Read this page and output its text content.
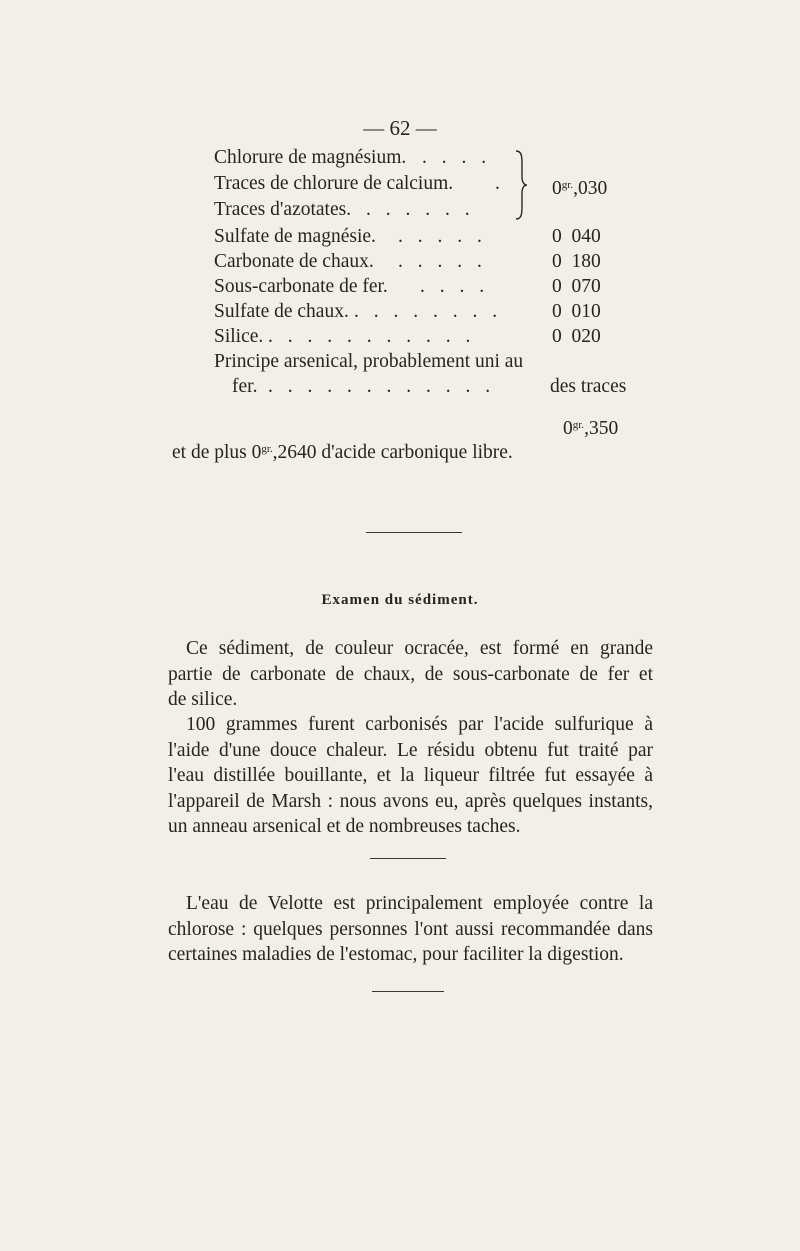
— 62 —
Chlorure de magnésium. . . . .
Traces de chlorure de calcium. .
Traces d'azotates. . . . . . .
$0^{gr.},030$
Sulfate de magnésie. . . . . .	0  040
Carbonate de chaux. . . . . .	0  180
Sous-carbonate de fer. . . . .	0  070
Sulfate de chaux. . . . . . . . .	0  010
Silice. . . . . . . . . . . .	0  020
Principe arsenical, probablement uni au
fer. . . . . . . . . . . . .	des traces
$0^{gr.},350$
et de plus $0^{gr.},2640$ d'acide carbonique libre.
Examen du sédiment.
Ce sédiment, de couleur ocracée, est formé en grande
partie de carbonate de chaux, de sous-carbonate de fer et
de silice.
100 grammes furent carbonisés par l'acide sulfurique à
l'aide d'une douce chaleur. Le résidu obtenu fut traité par
l'eau distillée bouillante, et la liqueur filtrée fut essayée à
l'appareil de Marsh : nous avons eu, après quelques instants,
un anneau arsenical et de nombreuses taches.
L'eau de Velotte est principalement employée contre la
chlorose : quelques personnes l'ont aussi recommandée dans
certaines maladies de l'estomac, pour faciliter la digestion.
